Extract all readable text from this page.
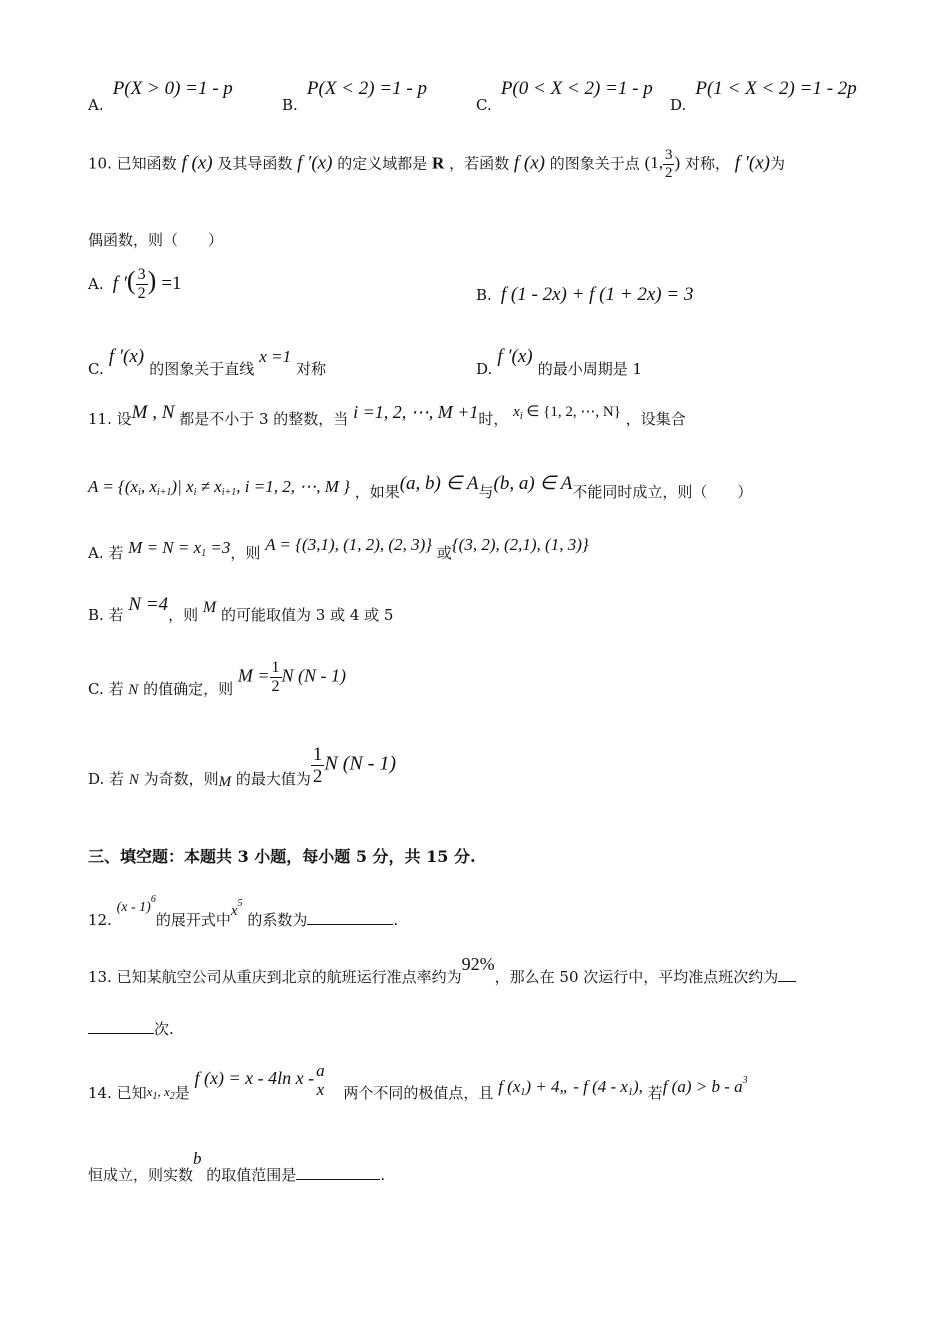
A. P(X > 0) =1 - p
B. P(X < 2) =1 - p
C. P(0 < X < 2) =1 - p
D. P(1 < X < 2) =1 - 2p
10. 已知函数 f (x) 及其导函数 f ′(x) 的定义域都是 R ，若函数 f (x) 的图象关于点 (1, $\frac{3}{2}$ ) 对称， f ′(x)为
偶函数，则（　　）
A. f ′( $\frac{3}{2}$ ) =1
B. f (1 - 2x) + f (1 + 2x) = 3
C. f ′(x) 的图象关于直线 x =1 对称	D. f ′(x) 的最小周期是 1
11. 设M , N 都是不小于 3 的整数，当 i =1, 2, ⋯, M +1时， $x_i$ ∈ {1, 2, ⋯, N} ，设集合
$A = \{(x_i$, $x_{i+1})|$ $x_i \ne x_{i+1}$, i =1, 2, ⋯, M } ，如果(a, b) ∈ A与(b, a) ∈ A不能同时成立，则（　　）
A. 若 $M = N = x_1 =3$，则 A = {(3,1), (1, 2), (2, 3)} 或{(3, 2), (2,1), (1, 3)}
B. 若 N =4，则 M 的可能取值为 3 或 4 或 5
C. 若 N 的值确定，则 $M = \frac{1}{2}$ N (N - 1)
D. 若 N 为奇数，则M 的最大值为 $\frac{1}{2}$ N (N - 1)
三、填空题：本题共 3 小题，每小题 5 分，共 15 分.
12. (x - 1)$^6$的展开式中$x^5$ 的系数为	.
13. 已知某航空公司从重庆到北京的航班运行准点率约为92%，那么在 50 次运行中，平均准点班次约为
次.
14. 已知$x_1$, $x_2$是 f (x) = x - 4ln x - a
x 两个不同的极值点，且 f $(x_1)$ + 4„ - f $(4 - x_1)$, 若f $(a) > b - a^3$
恒成立，则实数b 的取值范围是	.
